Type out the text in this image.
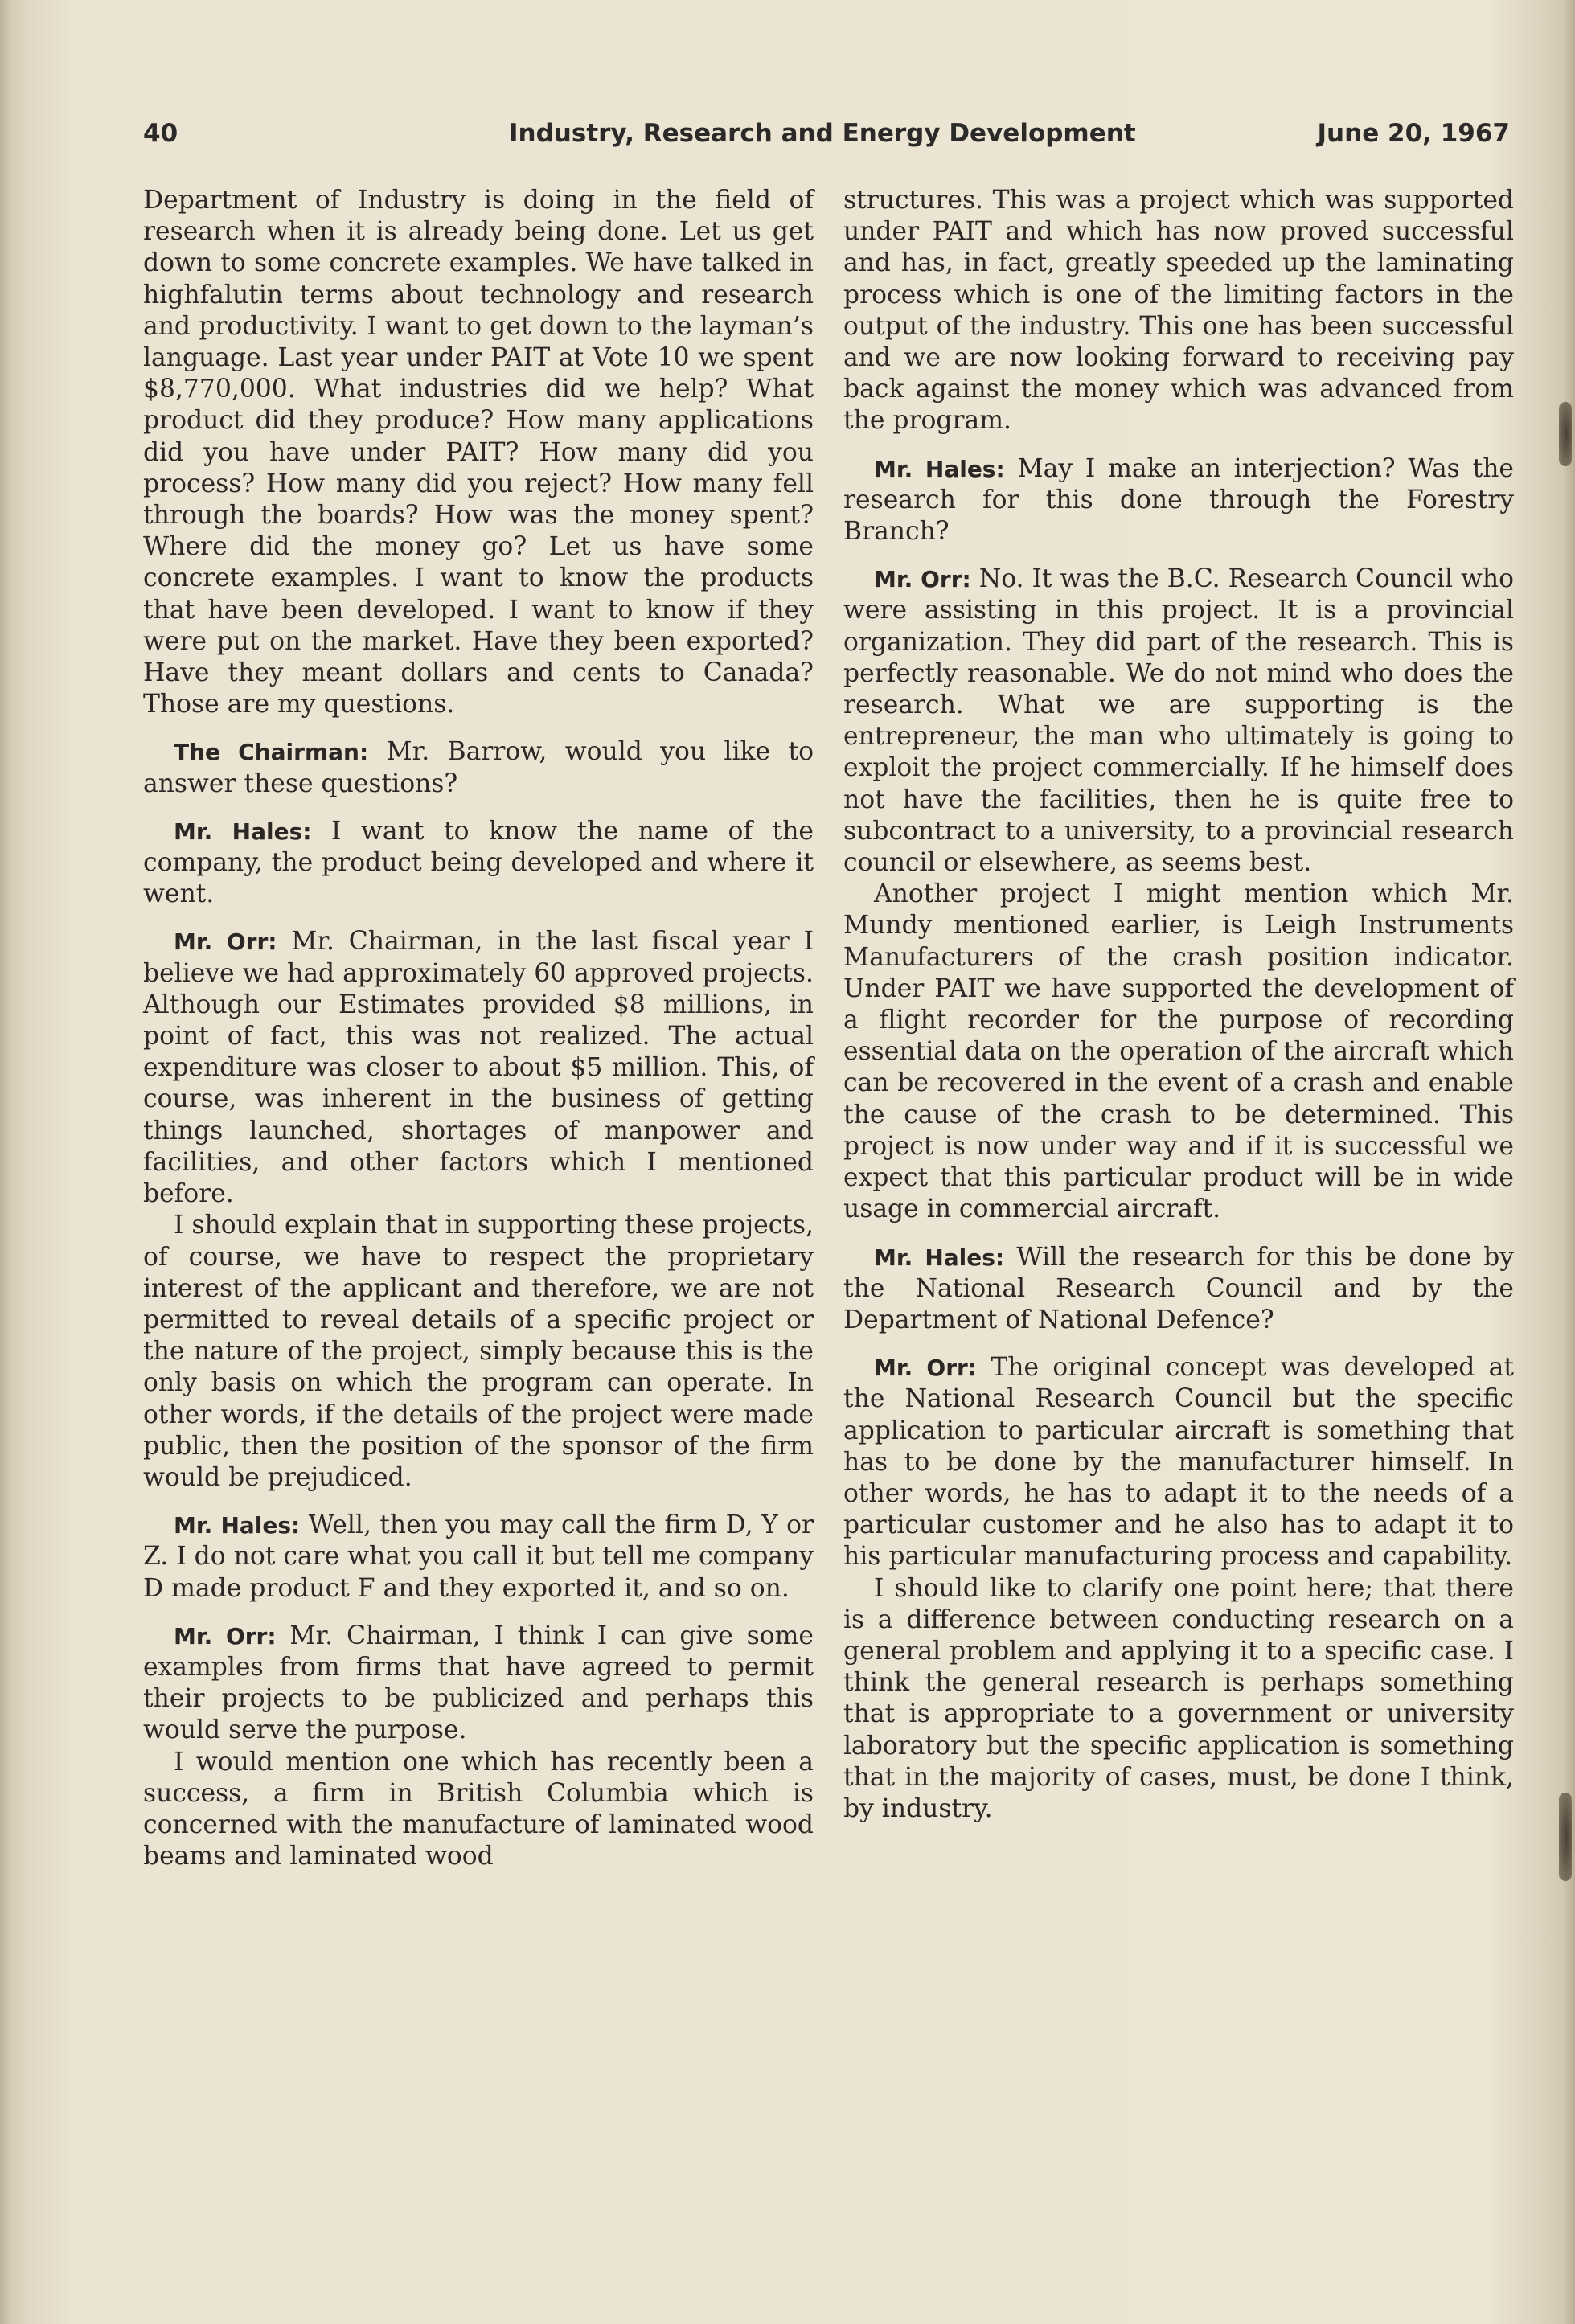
40	Industry, Research and Energy Development	June 20, 1967

Department of Industry is doing in the field of research when it is already being done. Let us get down to some concrete examples. We have talked in highfalutin terms about technology and research and productivity. I want to get down to the layman’s language. Last year under PAIT at Vote 10 we spent $8,770,000. What industries did we help? What product did they produce? How many applications did you have under PAIT? How many did you process? How many did you reject? How many fell through the boards? How was the money spent? Where did the money go? Let us have some concrete examples. I want to know the products that have been developed. I want to know if they were put on the market. Have they been exported? Have they meant dollars and cents to Canada? Those are my questions.

The Chairman: Mr. Barrow, would you like to answer these questions?

Mr. Hales: I want to know the name of the company, the product being developed and where it went.

Mr. Orr: Mr. Chairman, in the last fiscal year I believe we had approximately 60 approved projects. Although our Estimates provided $8 millions, in point of fact, this was not realized. The actual expenditure was closer to about $5 million. This, of course, was inherent in the business of getting things launched, shortages of manpower and facilities, and other factors which I mentioned before.

I should explain that in supporting these projects, of course, we have to respect the proprietary interest of the applicant and therefore, we are not permitted to reveal details of a specific project or the nature of the project, simply because this is the only basis on which the program can operate. In other words, if the details of the project were made public, then the position of the sponsor of the firm would be prejudiced.

Mr. Hales: Well, then you may call the firm D, Y or Z. I do not care what you call it but tell me company D made product F and they exported it, and so on.

Mr. Orr: Mr. Chairman, I think I can give some examples from firms that have agreed to permit their projects to be publicized and perhaps this would serve the purpose.

I would mention one which has recently been a success, a firm in British Columbia which is concerned with the manufacture of laminated wood beams and laminated wood

structures. This was a project which was supported under PAIT and which has now proved successful and has, in fact, greatly speeded up the laminating process which is one of the limiting factors in the output of the industry. This one has been successful and we are now looking forward to receiving pay back against the money which was advanced from the program.

Mr. Hales: May I make an interjection? Was the research for this done through the Forestry Branch?

Mr. Orr: No. It was the B.C. Research Council who were assisting in this project. It is a provincial organization. They did part of the research. This is perfectly reasonable. We do not mind who does the research. What we are supporting is the entrepreneur, the man who ultimately is going to exploit the project commercially. If he himself does not have the facilities, then he is quite free to subcontract to a university, to a provincial research council or elsewhere, as seems best.

Another project I might mention which Mr. Mundy mentioned earlier, is Leigh Instruments Manufacturers of the crash position indicator. Under PAIT we have supported the development of a flight recorder for the purpose of recording essential data on the operation of the aircraft which can be recovered in the event of a crash and enable the cause of the crash to be determined. This project is now under way and if it is successful we expect that this particular product will be in wide usage in commercial aircraft.

Mr. Hales: Will the research for this be done by the National Research Council and by the Department of National Defence?

Mr. Orr: The original concept was developed at the National Research Council but the specific application to particular aircraft is something that has to be done by the manufacturer himself. In other words, he has to adapt it to the needs of a particular customer and he also has to adapt it to his particular manufacturing process and capability.

I should like to clarify one point here; that there is a difference between conducting research on a general problem and applying it to a specific case. I think the general research is perhaps something that is appropriate to a government or university laboratory but the specific application is something that in the majority of cases, must, be done I think, by industry.
